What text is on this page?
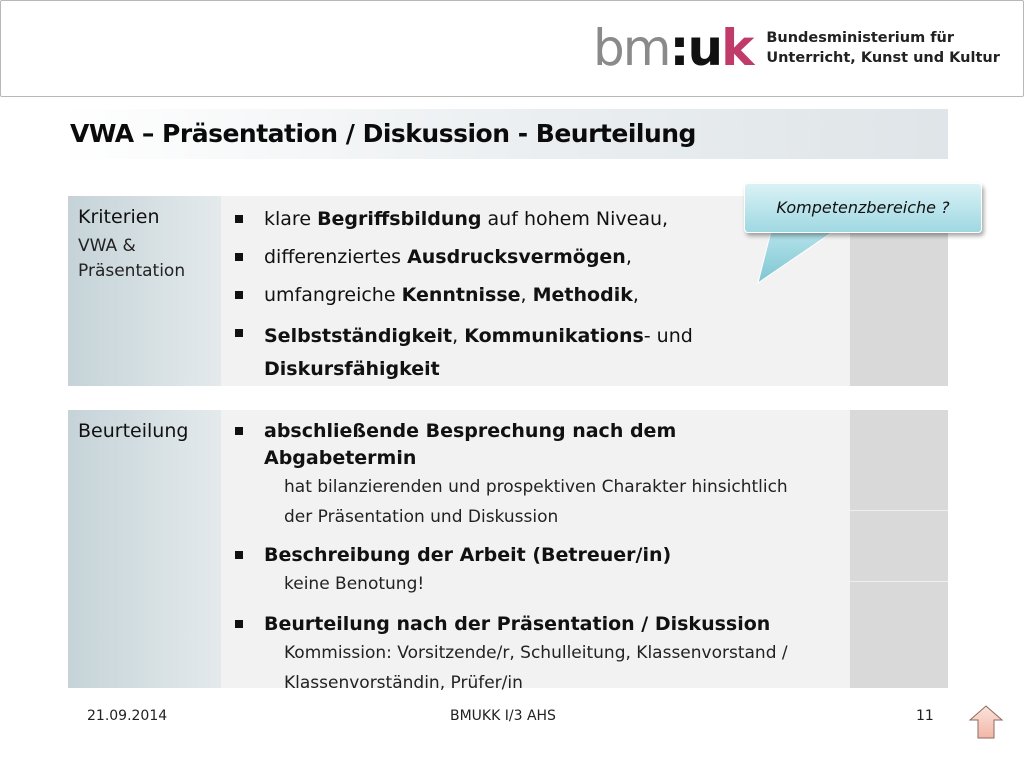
bm : u k Bundesministerium für
Unterricht, Kunst und Kultur
VWA – Präsentation / Diskussion - Beurteilung
Kriterien
VWA & Präsentation
klare Begriffsbildung auf hohem Niveau,
differenziertes Ausdrucksvermögen,
umfangreiche Kenntnisse, Methodik,
Selbstständigkeit, Kommunikations- und
Diskursfähigkeit
Beurteilung	abschließende Besprechung nach dem Abgabetermin
hat bilanzierenden und prospektiven Charakter hinsichtlich
der Präsentation und Diskussion
Beschreibung der Arbeit (Betreuer/in)
keine Benotung!
Beurteilung nach der Präsentation / Diskussion
Kommission: Vorsitzende/r, Schulleitung, Klassenvorstand /
Klassenvorständin, Prüfer/in
Kompetenzbereiche ?
21.09.2014	BMUKK I/3 AHS	11
